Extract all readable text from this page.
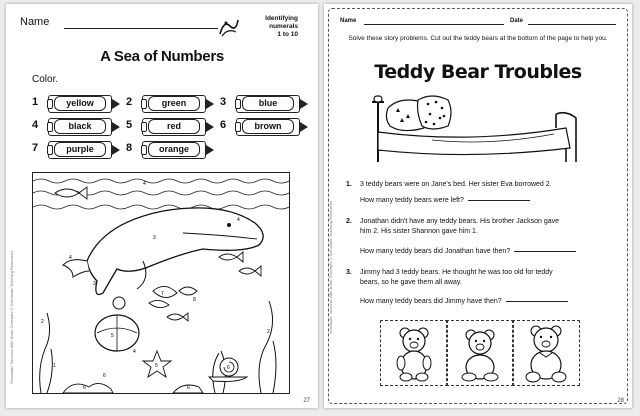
Name	Identifying numerals
1 to 10
A Sea of Numbers
Color.
1	yellow	2	green	3	blue
4	black	5	red	6	brown
7	purple	8	orange
4
4
3
4
3
2
2
5
5
8
7
6
6	6
1
4
6
Scholastic Success With Basic Concepts © Scholastic Teaching Resources
27
Name	Date
Solve these story problems. Cut out the teddy bears at the bottom of the page to help you.
Teddy Bear Troubles
1. 3 teddy bears were on Jane's bed. Her sister Eva borrowed 2.
How many teddy bears were left?
2. Jonathan didn't have any teddy bears. His brother Jackson gave
him 2. His sister Shannon gave him 1.
How many teddy bears did Jonathan have then?
3. Jimmy had 3 teddy bears. He thought he was too old for teddy
bears, so he gave them all away.
How many teddy bears did Jimmy have then?
Scholastic Success With Basic Concepts © Scholastic Teaching Resources
28
